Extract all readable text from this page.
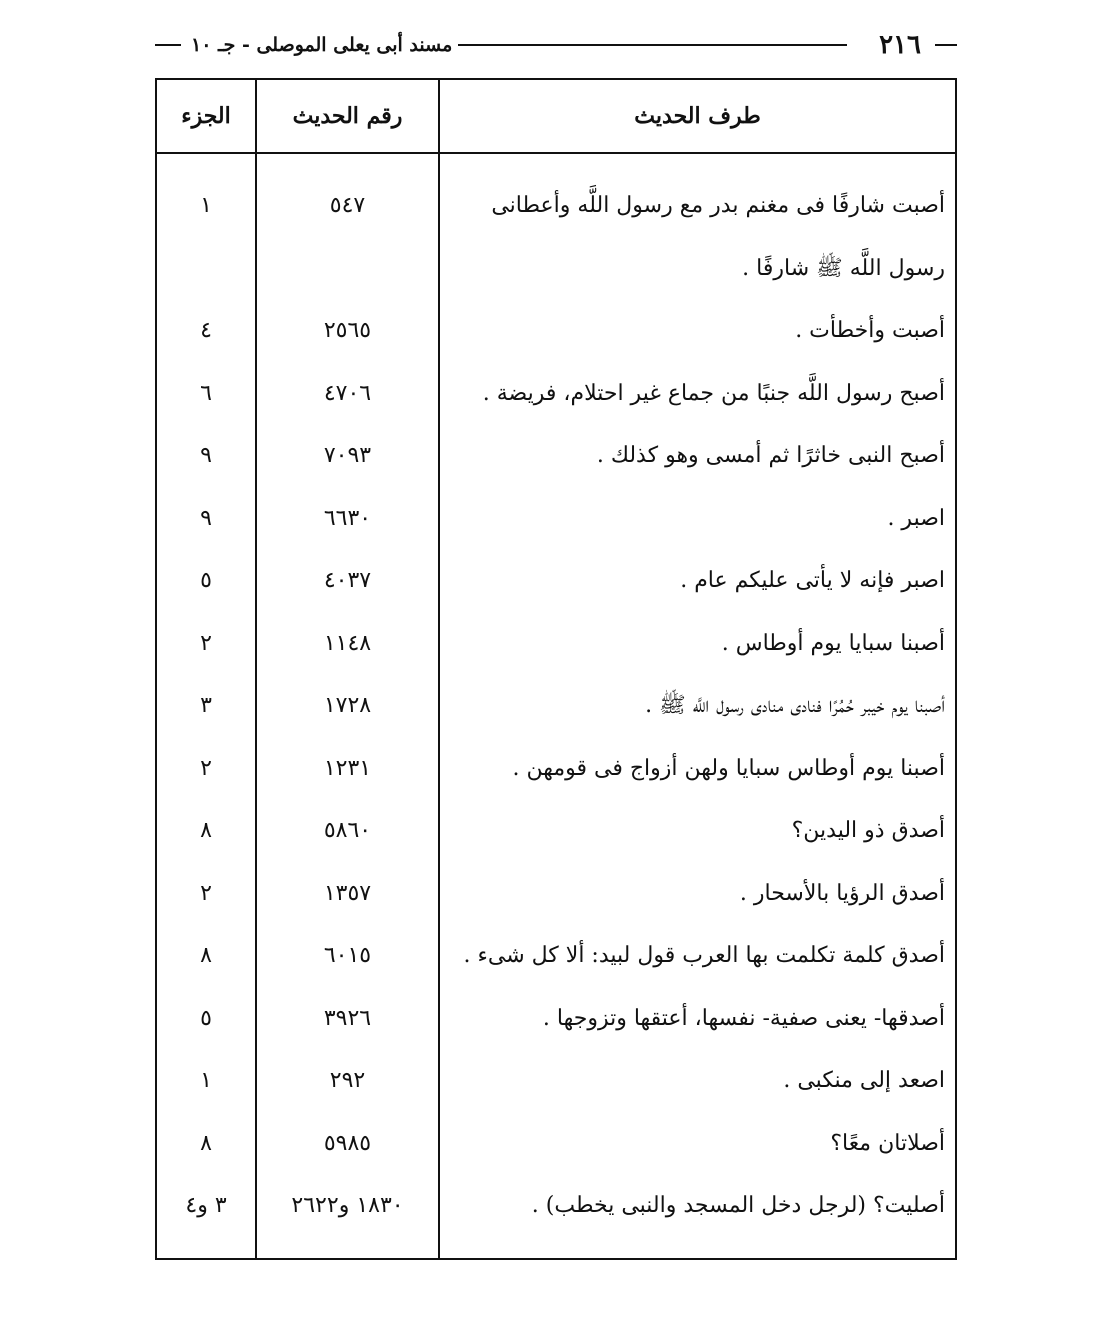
٢١٦
مسند أبى يعلى الموصلى - جـ ١٠
طرف الحديث
رقم الحديث
الجزء
أصبت شارفًا فى مغنم بدر مع رسول اللَّه وأعطانى رسول اللَّه ﷺ شارفًا .
٥٤٧
١
أصبت وأخطأت .
٢٥٦٥
٤
أصبح رسول اللَّه جنبًا من جماع غير احتلام، فريضة .
٤٧٠٦
٦
أصبح النبى خاثرًا ثم أمسى وهو كذلك .
٧٠٩٣
٩
اصبر .
٦٦٣٠
٩
اصبر فإنه لا يأتى عليكم عام .
٤٠٣٧
٥
أصبنا سبايا يوم أوطاس .
١١٤٨
٢
أصبنا يوم خيبر حُمُرًا فنادى منادى رسول اللَّه ﷺ .
١٧٢٨
٣
أصبنا يوم أوطاس سبايا ولهن أزواج فى قومهن .
١٢٣١
٢
أصدق ذو اليدين؟
٥٨٦٠
٨
أصدق الرؤيا بالأسحار .
١٣٥٧
٢
أصدق كلمة تكلمت بها العرب قول لبيد: ألا كل شىء .
٦٠١٥
٨
أصدقها- يعنى صفية- نفسها، أعتقها وتزوجها .
٣٩٢٦
٥
اصعد إلى منكبى .
٢٩٢
١
أصلاتان معًا؟
٥٩٨٥
٨
أصليت؟ (لرجل دخل المسجد والنبى يخطب) .
١٨٣٠ و٢٦٢٢
٣ و٤
